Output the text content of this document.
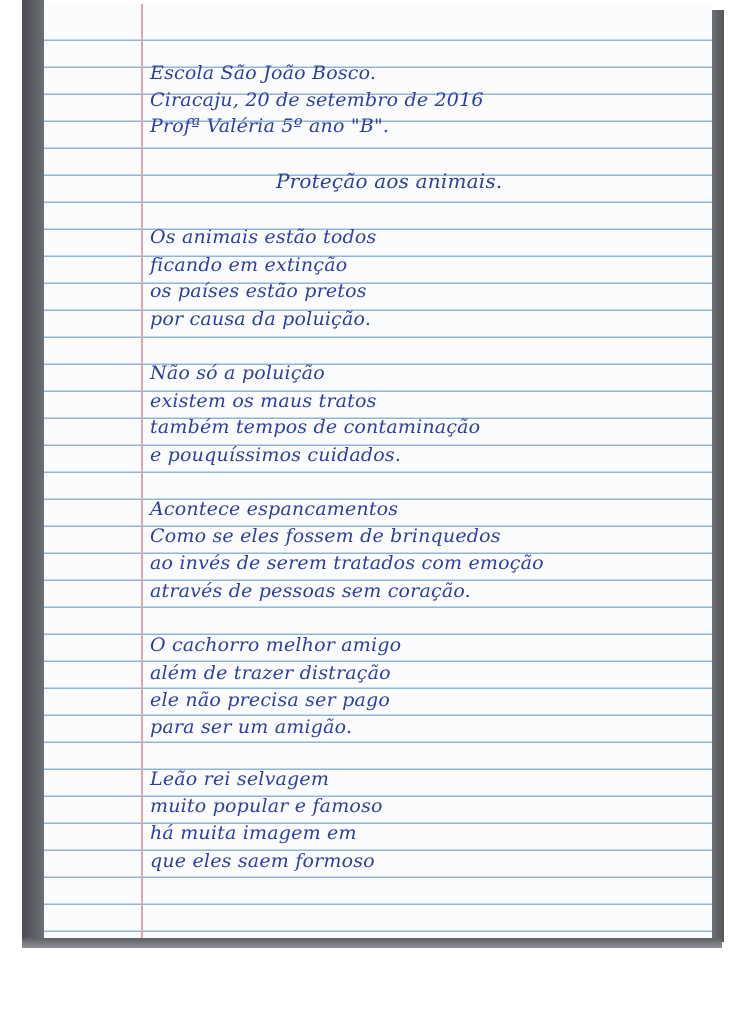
Escola São João Bosco.

Ciracaju, 20 de setembro de 2016

Profª Valéria 5º ano "B".

Proteção aos animais.

Os animais estão todos

ficando em extinção

os países estão pretos

por causa da poluição.

Não só a poluição

existem os maus tratos

também tempos de contaminação

e pouquíssimos cuidados.

Acontece espancamentos

Como se eles fossem de brinquedos

ao invés de serem tratados com emoção

através de pessoas sem coração.

O cachorro melhor amigo

além de trazer distração

ele não precisa ser pago

para ser um amigão.

Leão rei selvagem

muito popular e famoso

há muita imagem em

que eles saem formoso
